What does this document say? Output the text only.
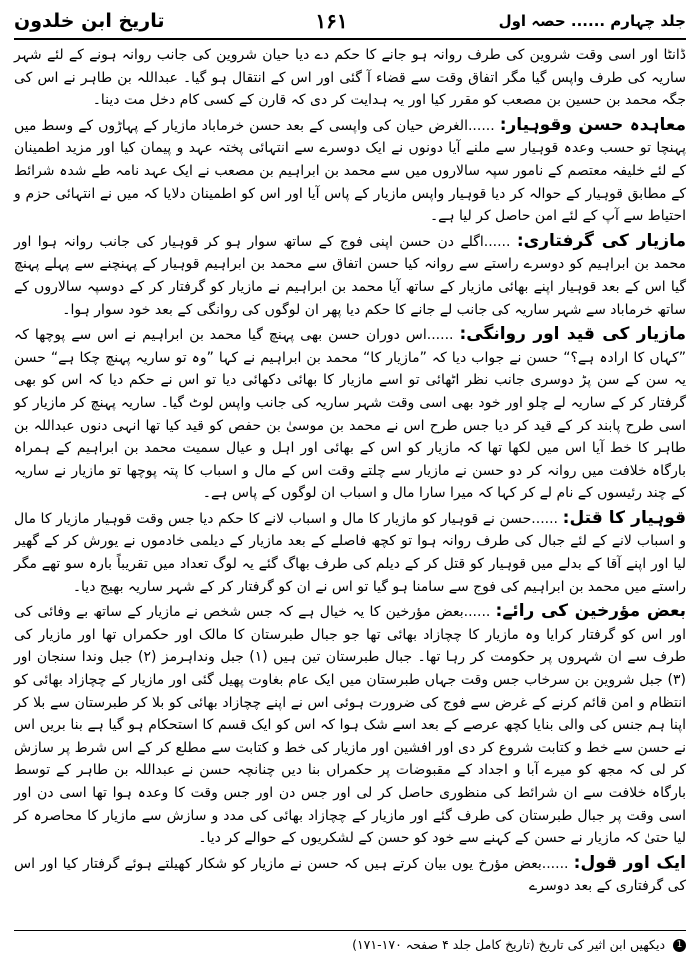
تاریخ ابن خلدون	۱۶۱	جلد چہارم ...... حصہ اول

ڈانٹا اور اسی وقت شروین کی طرف روانہ ہو جانے کا حکم دے دیا حیان شروین کی جانب روانہ ہونے کے لئے شہر ساریہ کی طرف واپس گیا مگر اتفاق وقت سے قضاء آ گئی اور اس کے انتقال ہو گیا۔ عبداللہ بن طاہر نے اس کی جگہ محمد بن حسین بن مصعب کو مقرر کیا اور یہ ہدایت کر دی کہ قارن کے کسی کام دخل مت دینا۔

معاہدہ حسن وقوہیار: ......الغرض حیان کی واپسی کے بعد حسن خرماباد مازیار کے پہاڑوں کے وسط میں پہنچا تو حسب وعدہ قوہیار سے ملنے آیا دونوں نے ایک دوسرے سے انتہائی پختہ عہد و پیمان کیا اور مزید اطمینان کے لئے خلیفہ معتصم کے نامور سپہ سالاروں میں سے محمد بن ابراہیم بن مصعب نے ایک عہد نامہ طے شدہ شرائط کے مطابق قوہیار کے حوالہ کر دیا قوہیار واپس مازیار کے پاس آیا اور اس کو اطمینان دلایا کہ میں نے انتہائی حزم و احتیاط سے آپ کے لئے امن حاصل کر لیا ہے۔

مازیار کی گرفتاری: ......اگلے دن حسن اپنی فوج کے ساتھ سوار ہو کر قوہیار کی جانب روانہ ہوا اور محمد بن ابراہیم کو دوسرے راستے سے روانہ کیا حسن اتفاق سے محمد بن ابراہیم قوہیار کے پہنچنے سے پہلے پہنچ گیا اس کے بعد قوہیار اپنے بھائی مازیار کے ساتھ آیا محمد بن ابراہیم نے مازیار کو گرفتار کر کے دوسپہ سالاروں کے ساتھ خرماباد سے شہر ساریہ کی جانب لے جانے کا حکم دیا پھر ان لوگوں کی روانگی کے بعد خود سوار ہوا۔

مازیار کی قید اور روانگی: ......اس دوران حسن بھی پہنچ گیا محمد بن ابراہیم نے اس سے پوچھا کہ ”کہاں کا ارادہ ہے؟“ حسن نے جواب دیا کہ ”مازیار کا“ محمد بن ابراہیم نے کہا ”وہ تو ساریہ پہنچ چکا ہے“ حسن یہ سن کے سن پڑ دوسری جانب نظر اٹھائی تو اسے مازیار کا بھائی دکھائی دیا تو اس نے حکم دیا کہ اس کو بھی گرفتار کر کے ساریہ لے چلو اور خود بھی اسی وقت شہر ساریہ کی جانب واپس لوٹ گیا۔ ساریہ پہنچ کر مازیار کو اسی طرح پابند کر کے قید کر دیا جس طرح اس نے محمد بن موسیٰ بن حفص کو قید کیا تھا انہی دنوں عبداللہ بن طاہر کا خط آیا اس میں لکھا تھا کہ مازیار کو اس کے بھائی اور اہل و عیال سمیت محمد بن ابراہیم کے ہمراہ بارگاہ خلافت میں روانہ کر دو حسن نے مازیار سے چلتے وقت اس کے مال و اسباب کا پتہ پوچھا تو مازیار نے ساریہ کے چند رئیسوں کے نام لے کر کہا کہ میرا سارا مال و اسباب ان لوگوں کے پاس ہے۔

قوہیار کا قتل: ......حسن نے قوہیار کو مازیار کا مال و اسباب لانے کا حکم دیا جس وقت قوہیار مازیار کا مال و اسباب لانے کے لئے جبال کی طرف روانہ ہوا تو کچھ فاصلے کے بعد مازیار کے دیلمی خادموں نے یورش کر کے گھیر لیا اور اپنے آقا کے بدلے میں قوہیار کو قتل کر کے دیلم کی طرف بھاگ گئے یہ لوگ تعداد میں تقریباً بارہ سو تھے مگر راستے میں محمد بن ابراہیم کی فوج سے سامنا ہو گیا تو اس نے ان کو گرفتار کر کے شہر ساریہ بھیج دیا۔

بعض مؤرخین کی رائے: ......بعض مؤرخین کا یہ خیال ہے کہ جس شخص نے مازیار کے ساتھ بے وفائی کی اور اس کو گرفتار کرایا وہ مازیار کا چچازاد بھائی تھا جو جبال طبرستان کا مالک اور حکمراں تھا اور مازیار کی طرف سے ان شہروں پر حکومت کر رہا تھا۔ جبال طبرستان تین ہیں (۱) جبل ونداہرمز (۲) جبل وندا سنجان اور (۳) جبل شروین بن سرخاب جس وقت جہاں طبرستان میں ایک عام بغاوت پھیل گئی اور مازیار کے چچازاد بھائی کو انتظام و امن قائم کرنے کے غرض سے فوج کی ضرورت ہوئی اس نے اپنے چچازاد بھائی کو بلا کر طبرستان سے بلا کر اپنا ہم جنس کی والی بنایا کچھ عرصے کے بعد اسے شک ہوا کہ اس کو ایک قسم کا استحکام ہو گیا ہے بنا بریں اس نے حسن سے خط و کتابت شروع کر دی اور افشین اور مازیار کی خط و کتابت سے مطلع کر کے اس شرط پر سازش کر لی کہ مجھ کو میرے آبا و اجداد کے مقبوضات پر حکمراں بنا دیں چنانچہ حسن نے عبداللہ بن طاہر کے توسط بارگاہ خلافت سے ان شرائط کی منظوری حاصل کر لی اور جس دن اور جس وقت کا وعدہ ہوا تھا اسی دن اور اسی وقت پر جبال طبرستان کی طرف گئے اور مازیار کے چچازاد بھائی کی مدد و سازش سے مازیار کا محاصرہ کر لیا حتیٰ کہ مازیار نے حسن کے کہنے سے خود کو حسن کے لشکریوں کے حوالے کر دیا۔

ایک اور قول: ......بعض مؤرخ یوں بیان کرتے ہیں کہ حسن نے مازیار کو شکار کھیلتے ہوئے گرفتار کیا اور اس کی گرفتاری کے بعد دوسرے

1 دیکھیں ابن اثیر کی تاریخ (تاریخ کامل جلد ۴ صفحہ ۱۷۰-۱۷۱)
